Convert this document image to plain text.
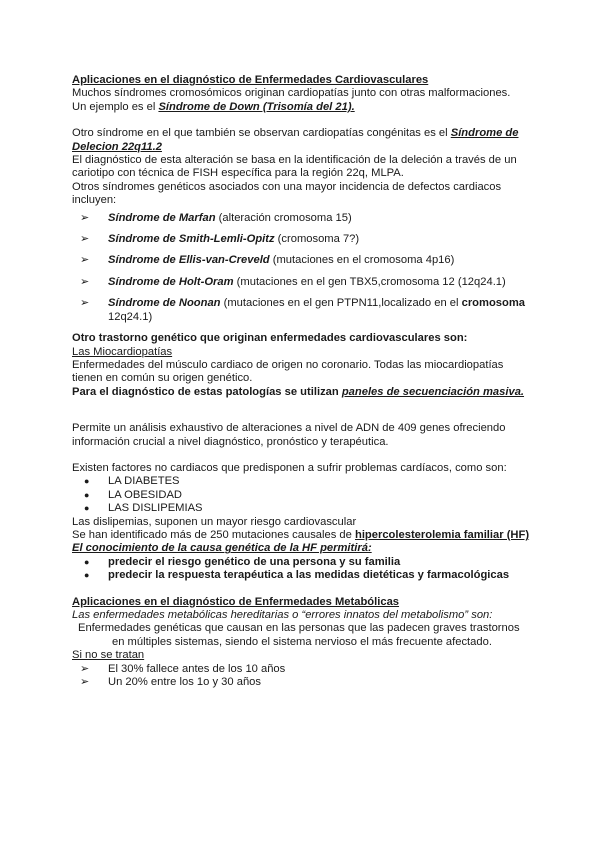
Aplicaciones en el diagnóstico de Enfermedades Cardiovasculares

Muchos síndromes cromosómicos originan cardiopatías junto con otras malformaciones.

Un ejemplo es el Síndrome de Down (Trisomía del 21).

Otro síndrome en el que también se observan cardiopatías congénitas es el Síndrome de Delecion 22q11.2

El diagnóstico de esta alteración se basa en la identificación de la deleción a través de un cariotipo con técnica de FISH específica para la región 22q, MLPA.

Otros síndromes genéticos asociados con una mayor incidencia de defectos cardiacos incluyen:

➢ Síndrome de Marfan (alteración cromosoma 15)
➢ Síndrome de Smith-Lemli-Opitz (cromosoma 7?)
➢ Síndrome de Ellis-van-Creveld (mutaciones en el cromosoma 4p16)
➢ Síndrome de Holt-Oram (mutaciones en el gen TBX5,cromosoma 12 (12q24.1)
➢ Síndrome de Noonan (mutaciones en el gen PTPN11,localizado en el cromosoma 12q24.1)

Otro trastorno genético que originan enfermedades cardiovasculares son:

Las Miocardiopatías

Enfermedades del músculo cardiaco de origen no coronario. Todas las miocardiopatías tienen en común su origen genético.

Para el diagnóstico de estas patologías se utilizan paneles de secuenciación masiva.

Permite un análisis exhaustivo de alteraciones a nivel de ADN de 409 genes ofreciendo información crucial a nivel diagnóstico, pronóstico y terapéutica.

Existen factores no cardiacos que predisponen a sufrir problemas cardíacos, como son:

● LA DIABETES
● LA OBESIDAD
● LAS DISLIPEMIAS

Las dislipemias, suponen un mayor riesgo cardiovascular

Se han identificado más de 250 mutaciones causales de hipercolesterolemia familiar (HF)

El conocimiento de la causa genética de la HF permitirá:

● predecir el riesgo genético de una persona y su familia
● predecir la respuesta terapéutica a las medidas dietéticas y farmacológicas

Aplicaciones en el diagnóstico de Enfermedades Metabólicas

Las enfermedades metabólicas hereditarias o “errores innatos del metabolismo” son:

Enfermedades genéticas que causan en las personas que las padecen graves trastornos en múltiples sistemas, siendo el sistema nervioso el más frecuente afectado.

Si no se tratan

➢ El 30% fallece antes de los 10 años
➢ Un 20% entre los 1o y 30 años
